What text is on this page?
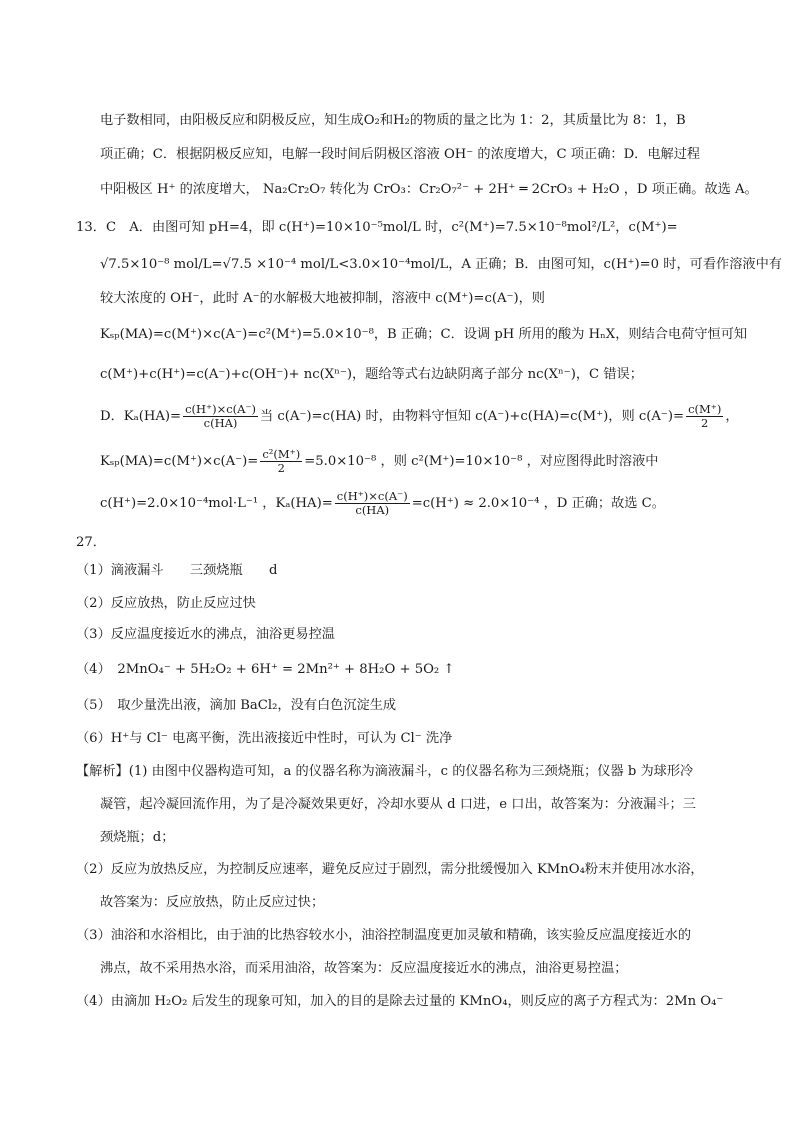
电子数相同，由阳极反应和阴极反应，知生成O₂和H₂的物质的量之比为 1：2，其质量比为 8：1，B
项正确；C．根据阴极反应知，电解一段时间后阴极区溶液 OH⁻ 的浓度增大，C 项正确：D．电解过程
中阳极区 H⁺ 的浓度增大， Na₂Cr₂O₇ 转化为 CrO₃：Cr₂O₇²⁻ + 2H⁺ ═ 2CrO₃ + H₂O ，D 项正确。故选 A。
13．C　A．由图可知 pH=4，即 c(H⁺)=10×10⁻⁵mol/L 时，c²(M⁺)=7.5×10⁻⁸mol²/L²，c(M⁺)=
√7.5×10⁻⁸ mol/L=√7.5 ×10⁻⁴ mol/L<3.0×10⁻⁴mol/L，A 正确；B．由图可知，c(H⁺)=0 时，可看作溶液中有
较大浓度的 OH⁻，此时 A⁻的水解极大地被抑制，溶液中 c(M⁺)=c(A⁻)，则
Kₛₚ(MA)=c(M⁺)×c(A⁻)=c²(M⁺)=5.0×10⁻⁸，B 正确；C．设调 pH 所用的酸为 HₙX，则结合电荷守恒可知
c(M⁺)+c(H⁺)=c(A⁻)+c(OH⁻)+ nc(Xⁿ⁻)，题给等式右边缺阴离子部分 nc(Xⁿ⁻)，C 错误；
D．$K_a(HA)= \frac{c(H^+)\times c(A^-)}{c(HA)}$ 当 c(A⁻)=c(HA) 时，由物料守恒知 c(A⁻)+c(HA)=c(M⁺)，则 $c(A^-)= \frac{c(M^+)}{2}$ ，
$K_{sp}(MA)=c(M^+)\times c(A^-)= \frac{\text{c²(M⁺)}}{2} =5.0\times 10^{-8}$ ，则 c²(M⁺)=10×10⁻⁸ ，对应图得此时溶液中
c(H⁺)=2.0×10⁻⁴mol·L⁻¹ ，$K_a(HA)= \frac{c(H^+)\times c(A^-)}{c(HA)} =c(H^+) \approx 2.0\times 10^{-4}$ ，D 正确；故选 C。
27．
（1）滴液漏斗　　三颈烧瓶　　d
（2）反应放热，防止反应过快
（3）反应温度接近水的沸点，油浴更易控温
（4）　2MnO₄⁻ + 5H₂O₂ + 6H⁺ = 2Mn²⁺ + 8H₂O + 5O₂ ↑
（5）　取少量洗出液，滴加 BaCl₂，没有白色沉淀生成
（6）H⁺与 Cl⁻ 电离平衡，洗出液接近中性时，可认为 Cl⁻ 洗净
【解析】(1) 由图中仪器构造可知，a 的仪器名称为滴液漏斗，c 的仪器名称为三颈烧瓶；仪器 b 为球形冷
凝管，起冷凝回流作用，为了是冷凝效果更好，冷却水要从 d 口进，e 口出，故答案为：分液漏斗；三
颈烧瓶；d；
（2）反应为放热反应，为控制反应速率，避免反应过于剧烈，需分批缓慢加入 KMnO₄粉末并使用冰水浴，
故答案为：反应放热，防止反应过快；
（3）油浴和水浴相比，由于油的比热容较水小，油浴控制温度更加灵敏和精确，该实验反应温度接近水的
沸点，故不采用热水浴，而采用油浴，故答案为：反应温度接近水的沸点，油浴更易控温；
（4）由滴加 H₂O₂ 后发生的现象可知，加入的目的是除去过量的 KMnO₄，则反应的离子方程式为：2Mn O₄⁻
